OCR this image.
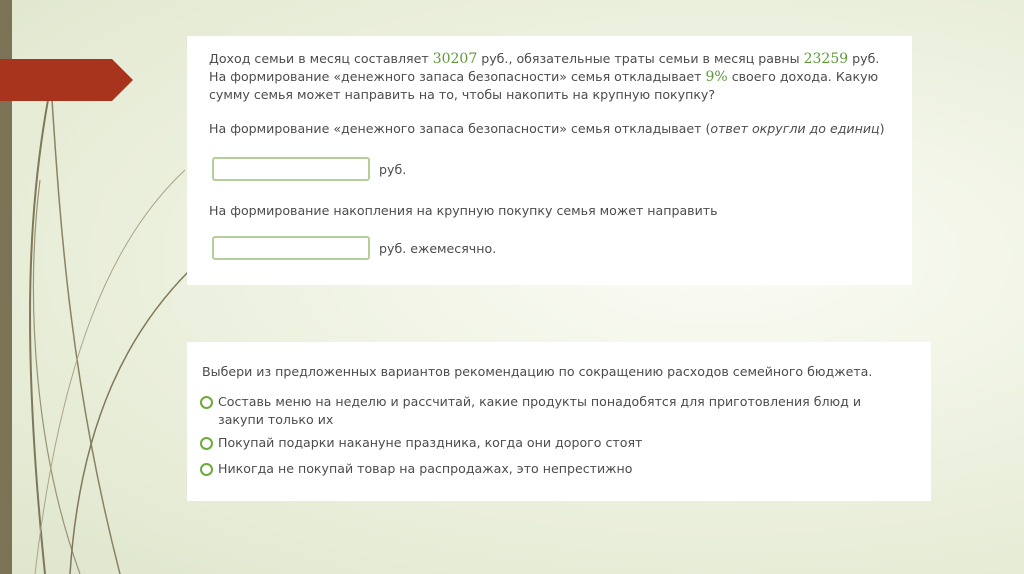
Доход семьи в месяц составляет 30207 руб., обязательные траты семьи в месяц равны 23259 руб. На формирование «денежного запаса безопасности» семья откладывает 9% своего дохода. Какую сумму семья может направить на то, чтобы накопить на крупную покупку?
На формирование «денежного запаса безопасности» семья откладывает (ответ округли до единиц)
руб.
На формирование накопления на крупную покупку семья может направить
руб. ежемесячно.
Выбери из предложенных вариантов рекомендацию по сокращению расходов семейного бюджета.
Составь меню на неделю и рассчитай, какие продукты понадобятся для приготовления блюд и закупи только их
Покупай подарки накануне праздника, когда они дорого стоят
Никогда не покупай товар на распродажах, это непрестижно
